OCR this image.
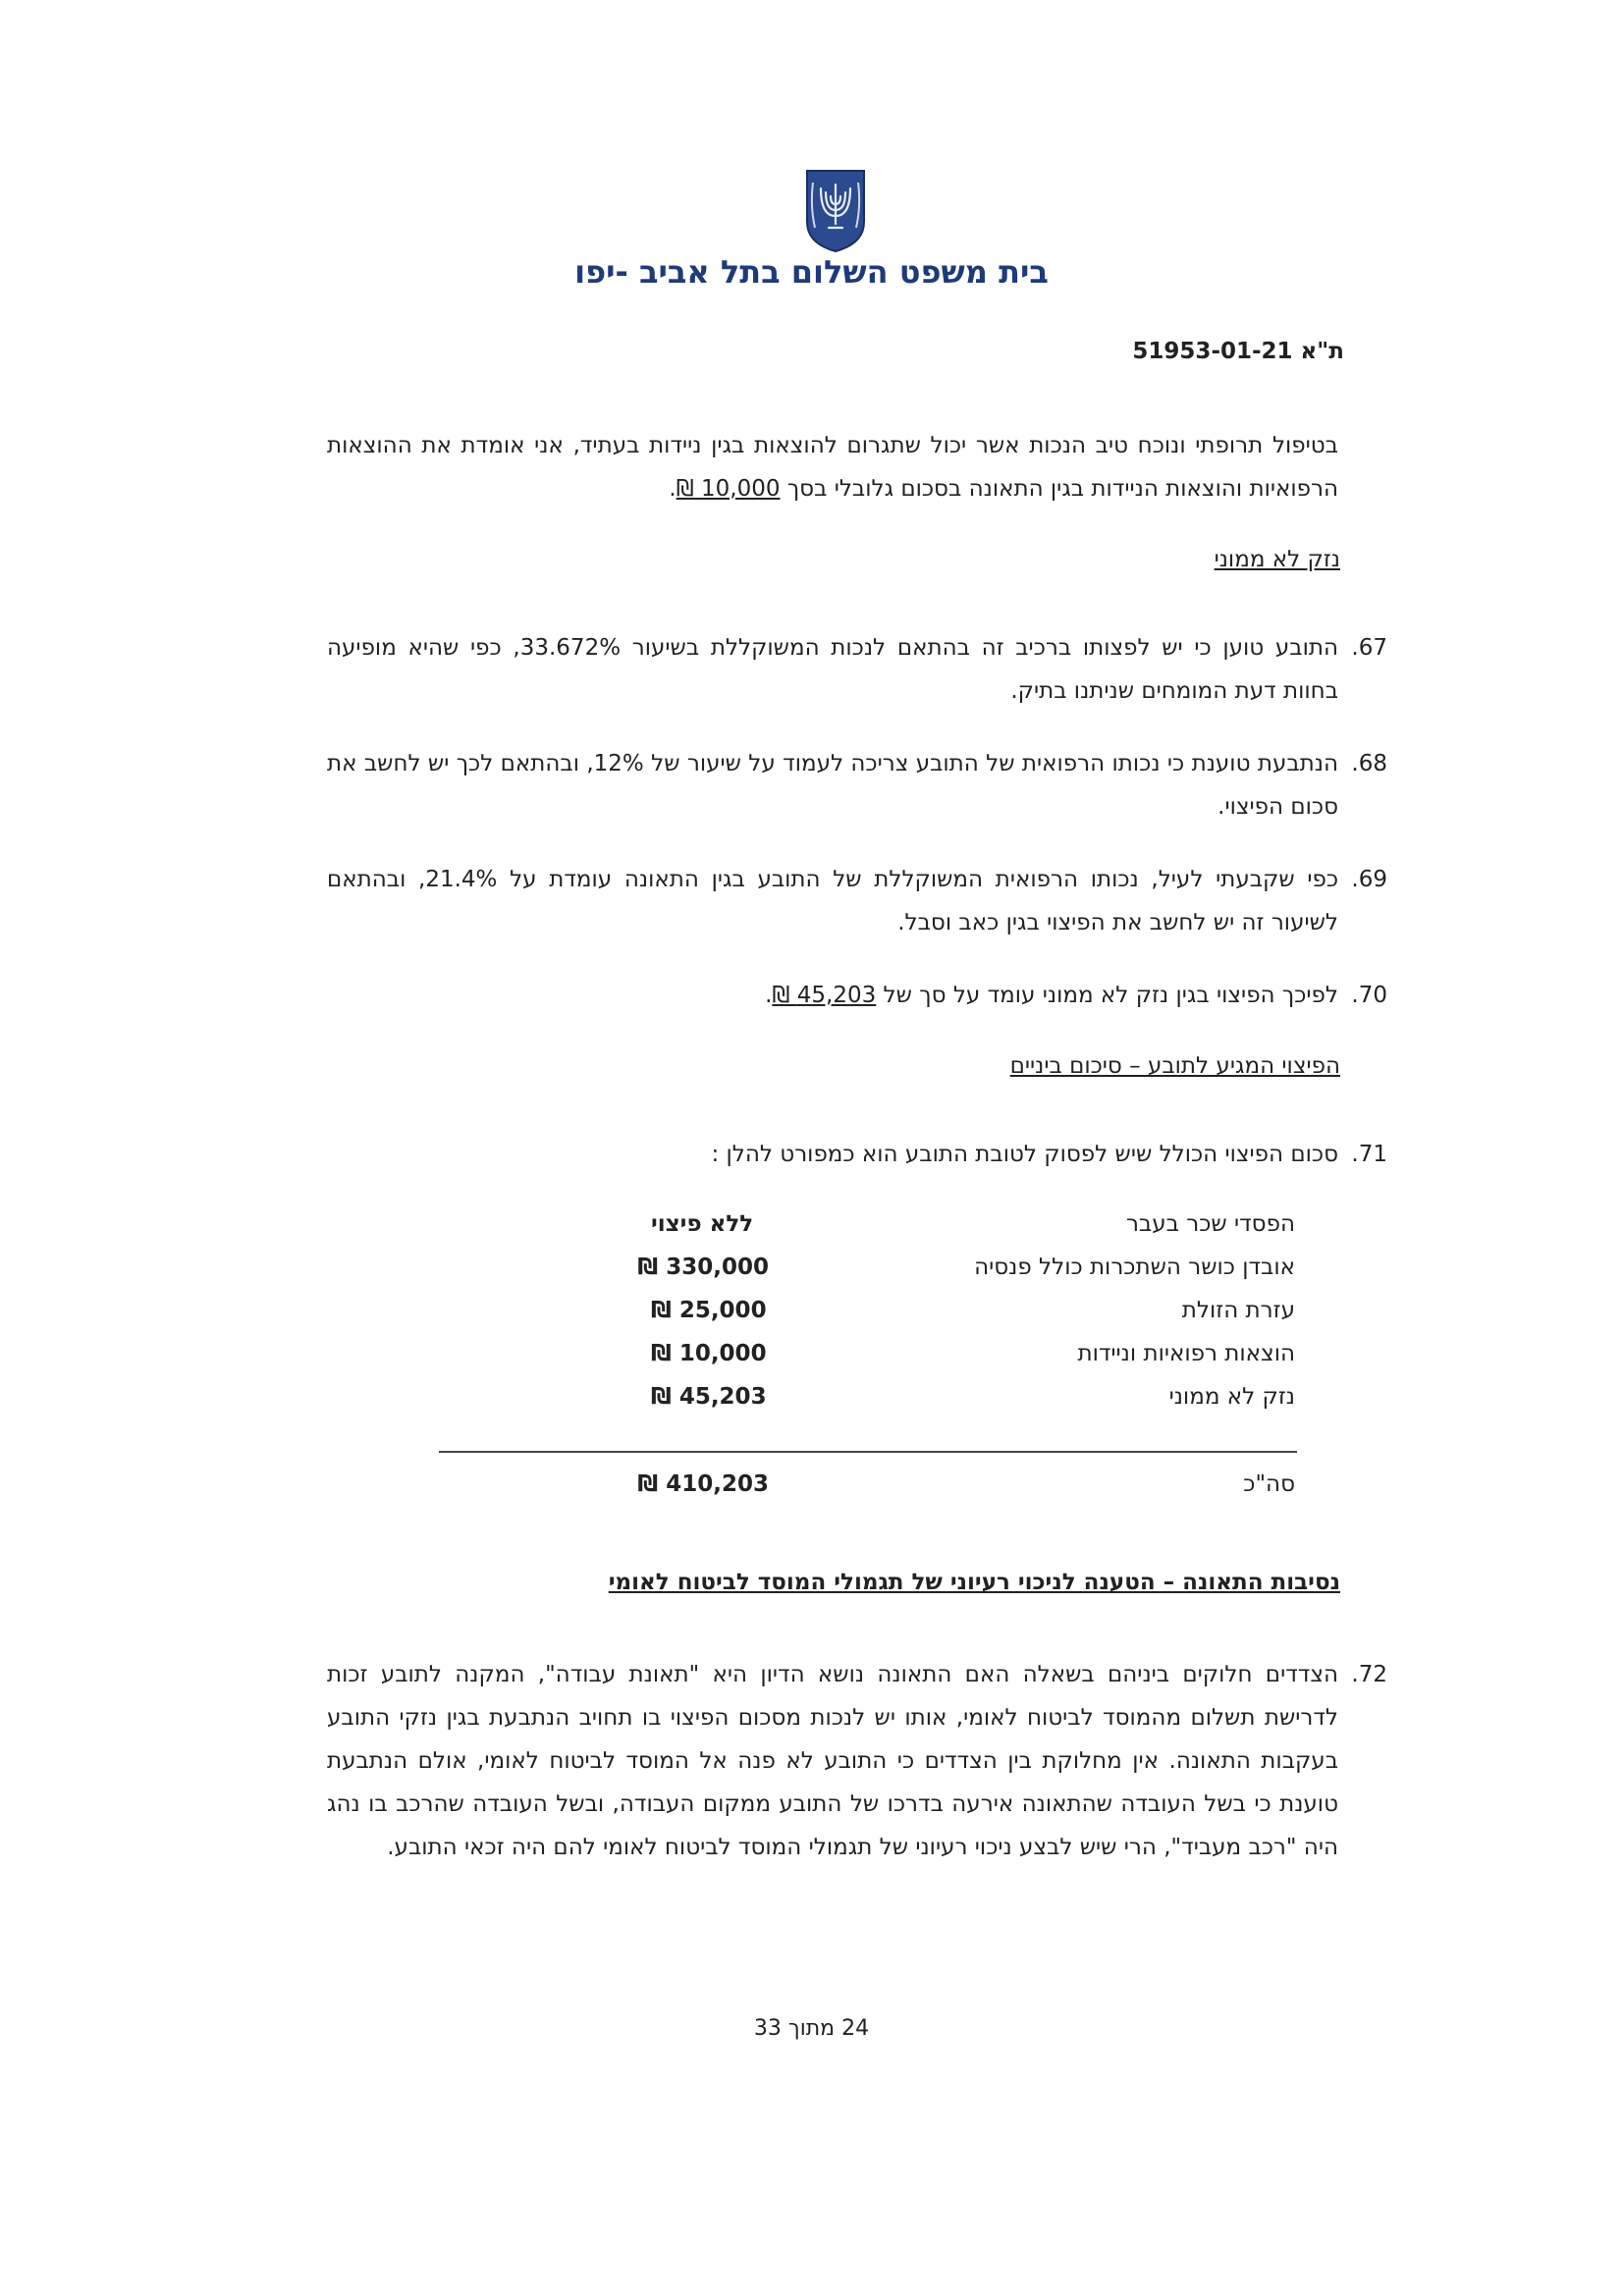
בית משפט השלום בתל אביב -יפו
ת"א 51953-01-21
בטיפול תרופתי ונוכח טיב הנכות אשר יכול שתגרום להוצאות בגין ניידות בעתיד, אני אומדת את ההוצאות הרפואיות והוצאות הניידות בגין התאונה בסכום גלובלי בסך 10,000 ₪.
נזק לא ממוני
67.
התובע טוען כי יש לפצותו ברכיב זה בהתאם לנכות המשוקללת בשיעור 33.672%, כפי שהיא מופיעה בחוות דעת המומחים שניתנו בתיק.
68.
הנתבעת טוענת כי נכותו הרפואית של התובע צריכה לעמוד על שיעור של 12%, ובהתאם לכך יש לחשב את סכום הפיצוי.
69.
כפי שקבעתי לעיל, נכותו הרפואית המשוקללת של התובע בגין התאונה עומדת על 21.4%, ובהתאם לשיעור זה יש לחשב את הפיצוי בגין כאב וסבל.
70.
לפיכך הפיצוי בגין נזק לא ממוני עומד על סך של 45,203 ₪.
הפיצוי המגיע לתובע – סיכום ביניים
71.
סכום הפיצוי הכולל שיש לפסוק לטובת התובע הוא כמפורט להלן :
הפסדי שכר בעבר
ללא פיצוי
אובדן כושר השתכרות כולל פנסיה
330,000 ₪
עזרת הזולת
25,000 ₪
הוצאות רפואיות וניידות
10,000 ₪
נזק לא ממוני
45,203 ₪
סה"כ
410,203 ₪
נסיבות התאונה – הטענה לניכוי רעיוני של תגמולי המוסד לביטוח לאומי
72.
הצדדים חלוקים ביניהם בשאלה האם התאונה נושא הדיון היא "תאונת עבודה", המקנה לתובע זכות לדרישת תשלום מהמוסד לביטוח לאומי, אותו יש לנכות מסכום הפיצוי בו תחויב הנתבעת בגין נזקי התובע בעקבות התאונה. אין מחלוקת בין הצדדים כי התובע לא פנה אל המוסד לביטוח לאומי, אולם הנתבעת טוענת כי בשל העובדה שהתאונה אירעה בדרכו של התובע ממקום העבודה, ובשל העובדה שהרכב בו נהג היה "רכב מעביד", הרי שיש לבצע ניכוי רעיוני של תגמולי המוסד לביטוח לאומי להם היה זכאי התובע.
24 מתוך 33
